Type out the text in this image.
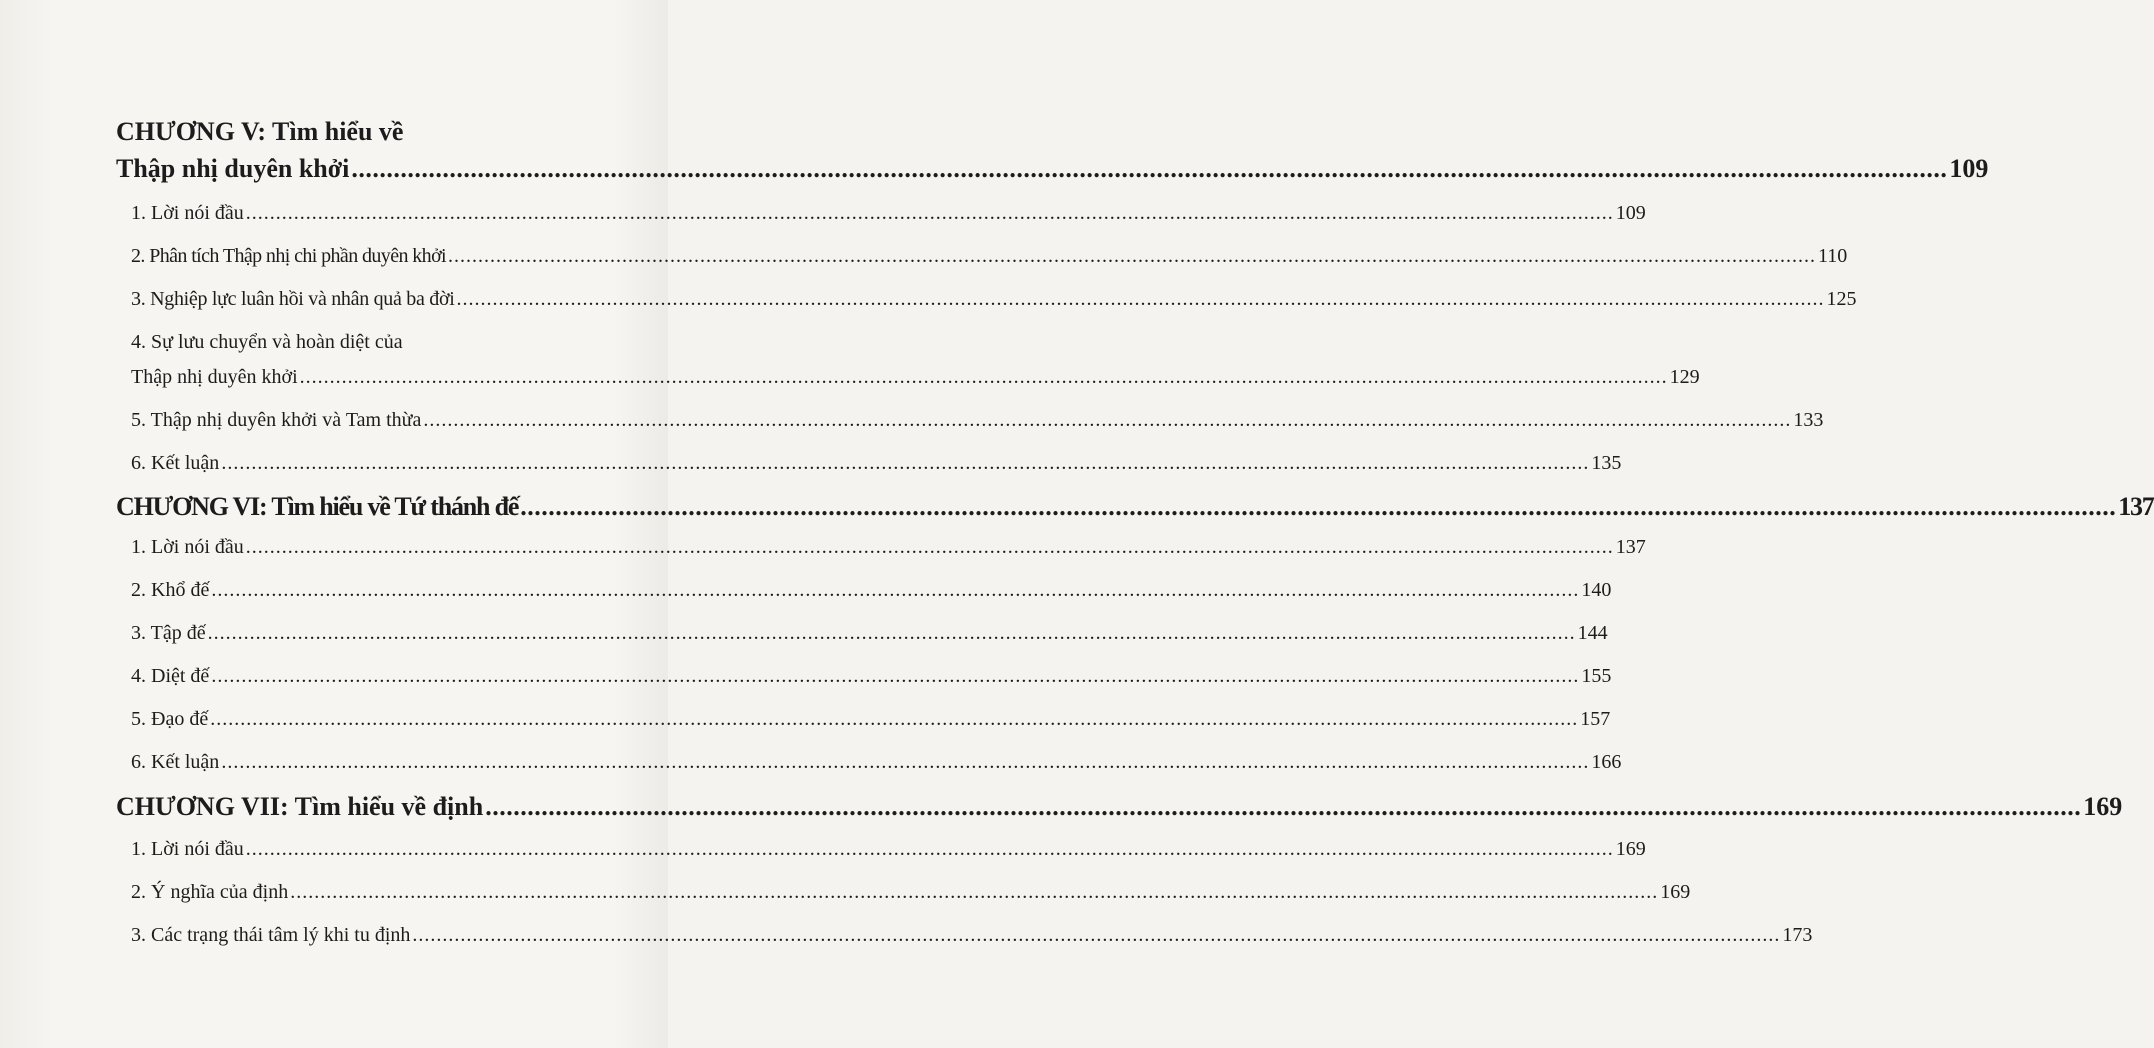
CHƯƠNG V: Tìm hiểu về
Thập nhị duyên khởi .................................................................................................................................................................................................................................... 109
1. Lời nói đầu .................................................................................................................................................................................................................................... 109
2. Phân tích Thập nhị chi phần duyên khởi .................................................................................................................................................................................................................................... 110
3. Nghiệp lực luân hồi và nhân quả ba đời .................................................................................................................................................................................................................................... 125
4. Sự lưu chuyển và hoàn diệt của
Thập nhị duyên khởi .................................................................................................................................................................................................................................... 129
5. Thập nhị duyên khởi và Tam thừa .................................................................................................................................................................................................................................... 133
6. Kết luận .................................................................................................................................................................................................................................... 135
CHƯƠNG VI: Tìm hiểu về Tứ thánh đế .................................................................................................................................................................................................................................... 137
1. Lời nói đầu .................................................................................................................................................................................................................................... 137
2. Khổ đế .................................................................................................................................................................................................................................... 140
3. Tập đế .................................................................................................................................................................................................................................... 144
4. Diệt đế .................................................................................................................................................................................................................................... 155
5. Đạo đế .................................................................................................................................................................................................................................... 157
6. Kết luận .................................................................................................................................................................................................................................... 166
CHƯƠNG VII: Tìm hiểu về định .................................................................................................................................................................................................................................... 169
1. Lời nói đầu .................................................................................................................................................................................................................................... 169
2. Ý nghĩa của định .................................................................................................................................................................................................................................... 169
3. Các trạng thái tâm lý khi tu định .................................................................................................................................................................................................................................... 173
